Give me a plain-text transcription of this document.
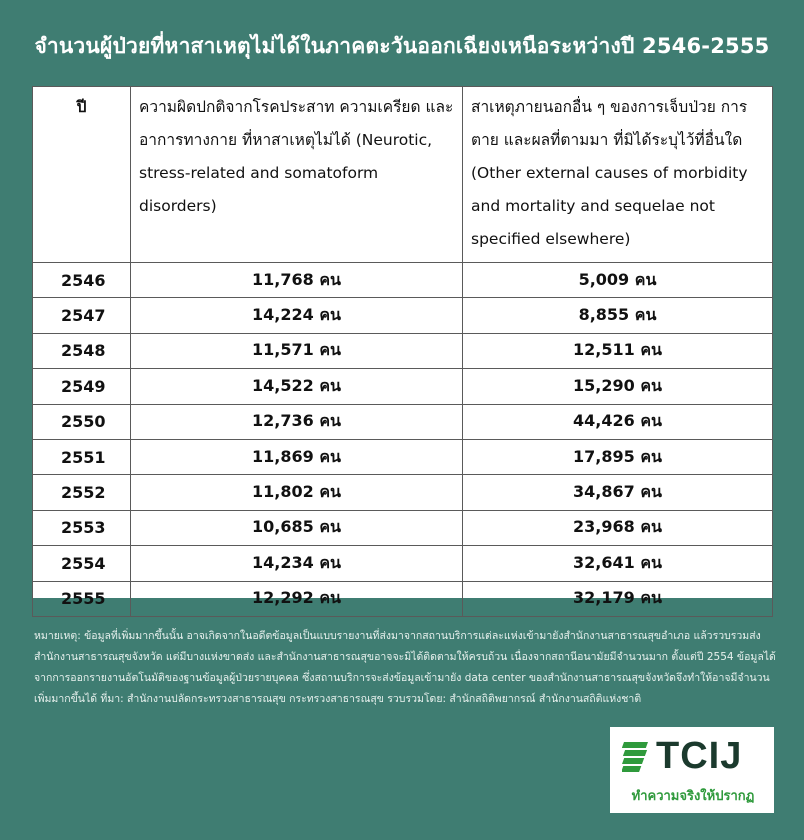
จำนวนผู้ป่วยที่หาสาเหตุไม่ได้ในภาคตะวันออกเฉียงเหนือระหว่างปี 2546-2555
ปี	ความผิดปกติจากโรคประสาท ความเครียด และอาการทางกาย ที่หาสาเหตุไม่ได้ (Neurotic, stress-related and somatoform disorders)	สาเหตุภายนอกอื่น ๆ ของการเจ็บป่วย การตาย และผลที่ตามมา ที่มิได้ระบุไว้ที่อื่นใด (Other external causes of morbidity and mortality and sequelae not specified elsewhere)
2546	11,768 คน	5,009 คน
2547	14,224 คน	8,855 คน
2548	11,571 คน	12,511 คน
2549	14,522 คน	15,290 คน
2550	12,736 คน	44,426 คน
2551	11,869 คน	17,895 คน
2552	11,802 คน	34,867 คน
2553	10,685 คน	23,968 คน
2554	14,234 คน	32,641 คน
2555	12,292 คน	32,179 คน
หมายเหตุ: ข้อมูลที่เพิ่มมากขึ้นนั้น อาจเกิดจากในอดีตข้อมูลเป็นแบบรายงานที่ส่งมาจากสถานบริการแต่ละแห่งเข้ามายังสำนักงานสาธารณสุขอำเภอ แล้วรวบรวมส่งสำนักงานสาธารณสุขจังหวัด แต่มีบางแห่งขาดส่ง และสำนักงานสาธารณสุขอาจจะมิได้ติดตามให้ครบถ้วน เนื่องจากสถานีอนามัยมีจำนวนมาก ตั้งแต่ปี 2554 ข้อมูลได้จากการออกรายงานอัตโนมัติของฐานข้อมูลผู้ป่วยรายบุคคล ซึ่งสถานบริการจะส่งข้อมูลเข้ามายัง data center ของสำนักงานสาธารณสุขจังหวัดจึงทำให้อาจมีจำนวนเพิ่มมากขึ้นได้ ที่มา: สำนักงานปลัดกระทรวงสาธารณสุข กระทรวงสาธารณสุข รวบรวมโดย: สำนักสถิติพยากรณ์ สำนักงานสถิติแห่งชาติ
TCIJ
ทำความจริงให้ปรากฏ
